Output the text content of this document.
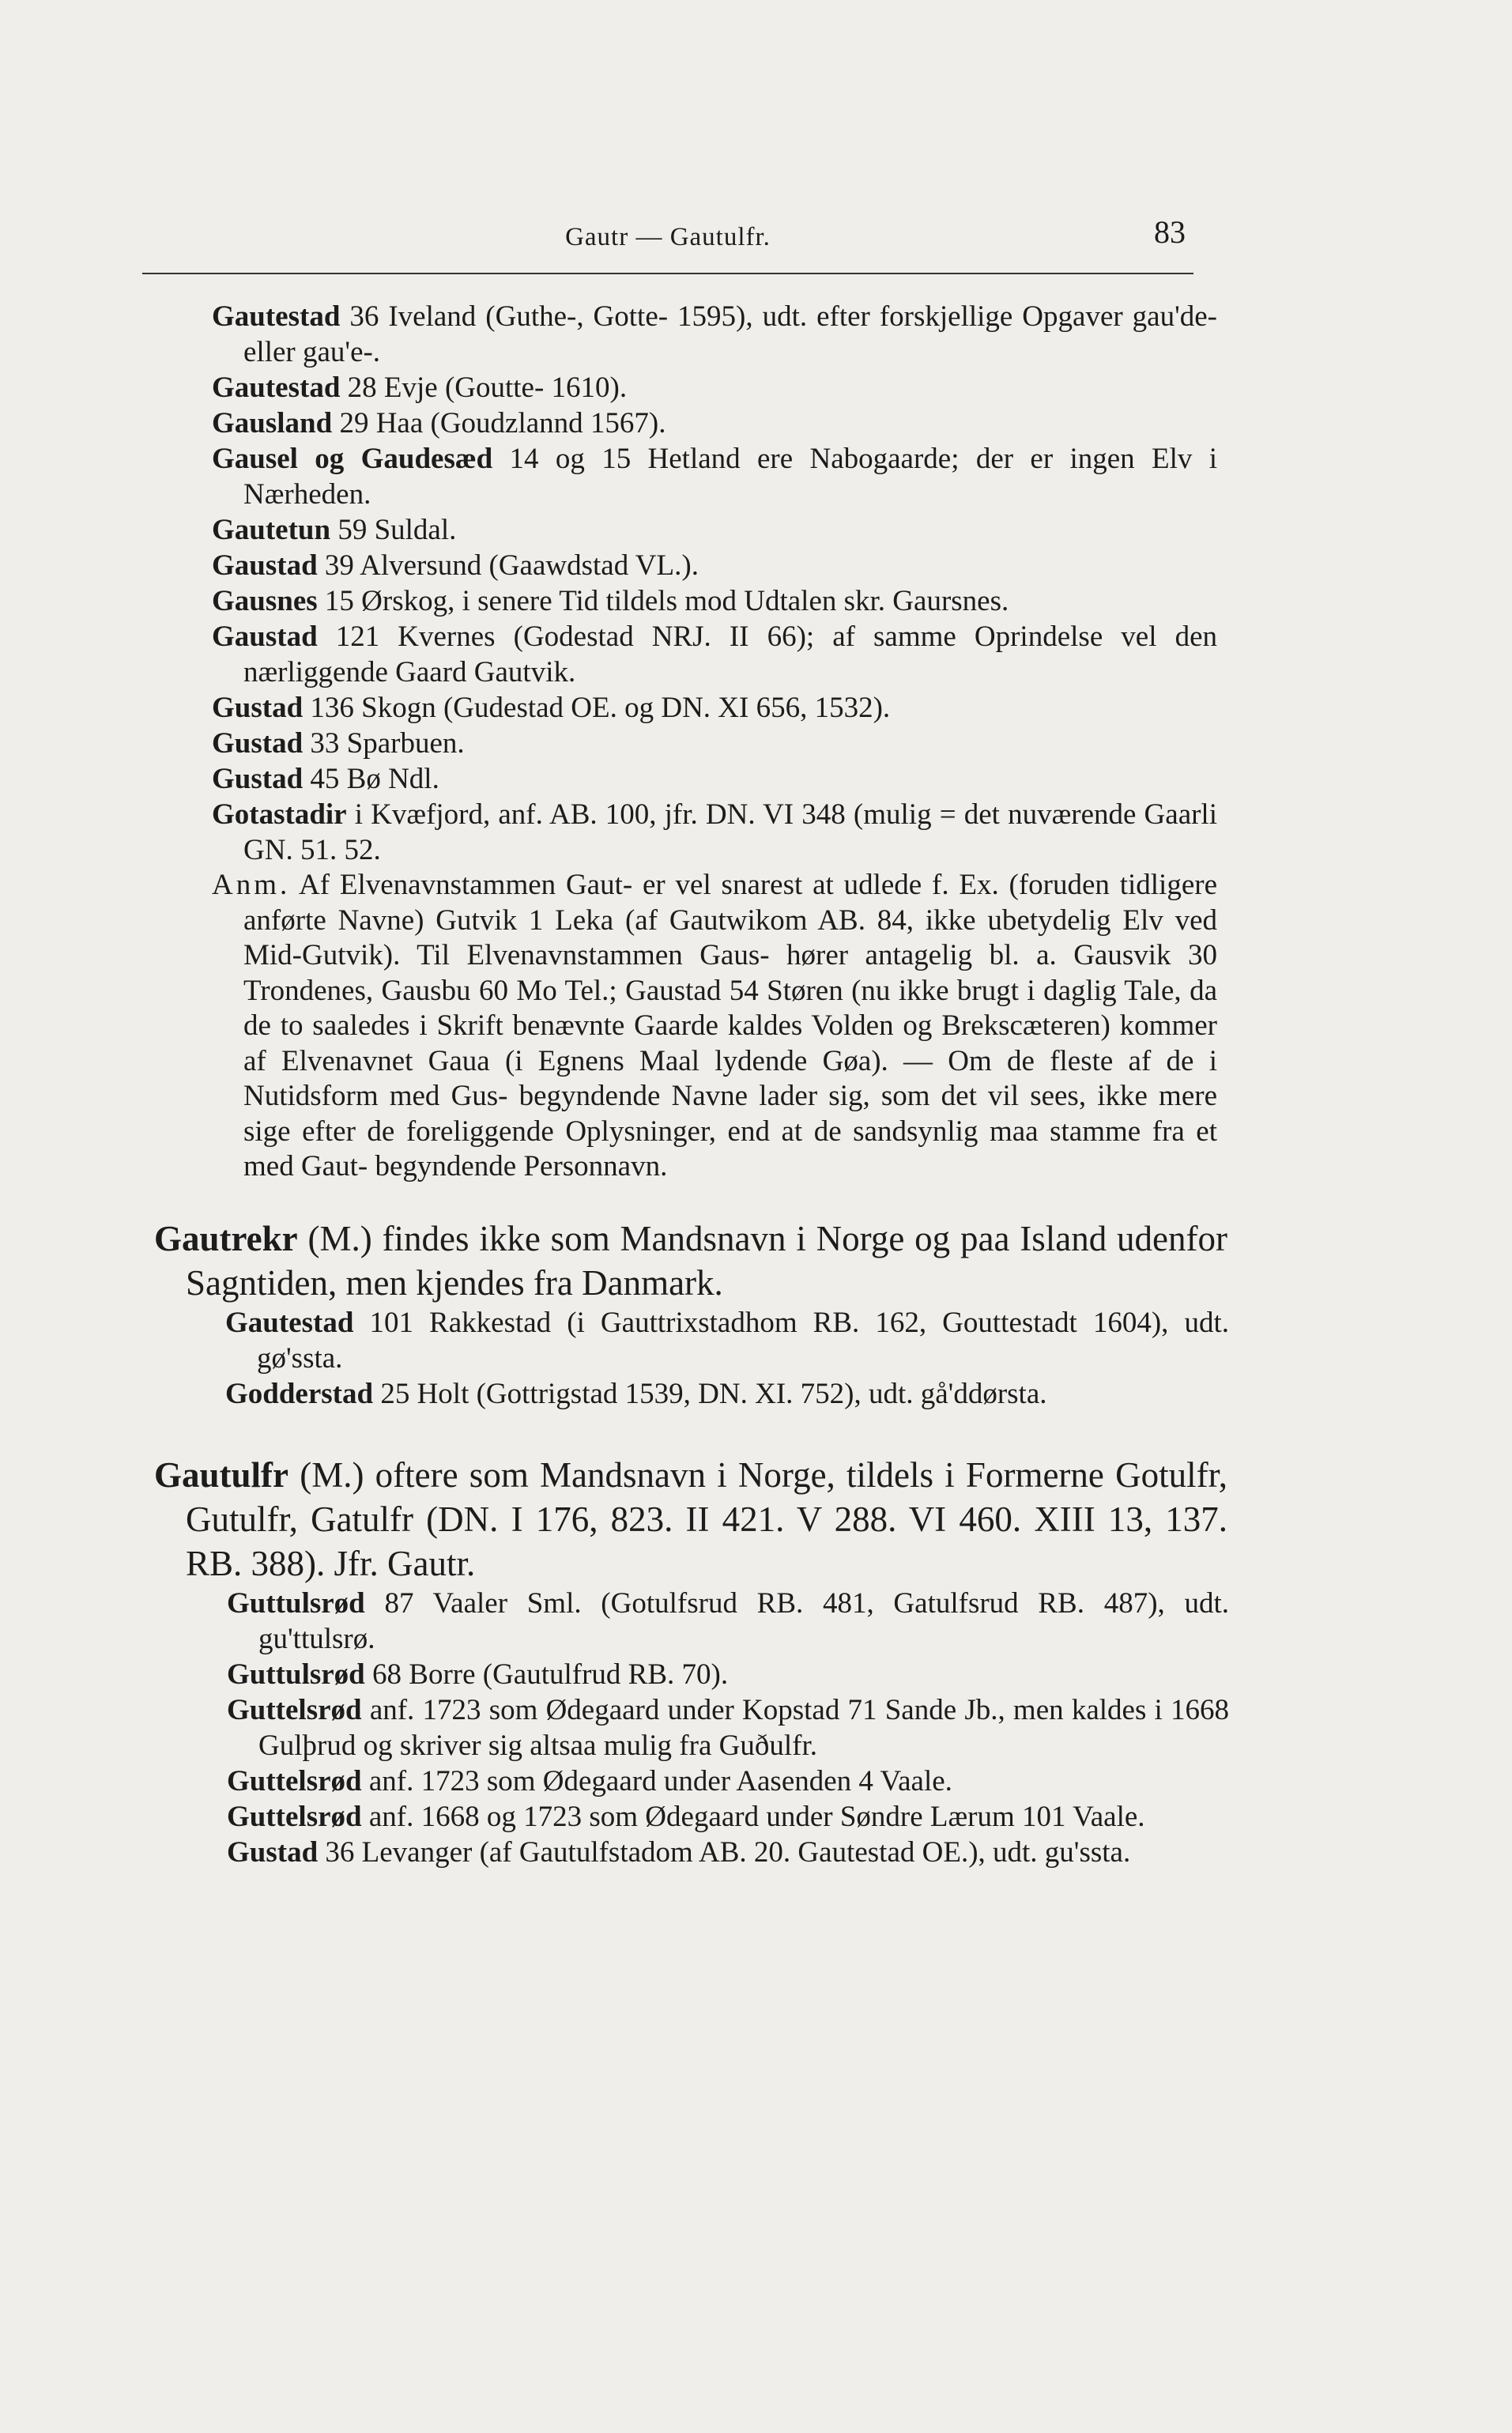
Gautr — Gautulfr.	83
Gautestad 36 Iveland (Guthe-, Gotte- 1595), udt. efter forskjellige Opgaver gau'de- eller gau'e-.
Gautestad 28 Evje (Goutte- 1610).
Gausland 29 Haa (Goudzlannd 1567).
Gausel og Gaudesæd 14 og 15 Hetland ere Nabogaarde; der er ingen Elv i Nærheden.
Gautetun 59 Suldal.
Gaustad 39 Alversund (Gaawdstad VL.).
Gausnes 15 Ørskog, i senere Tid tildels mod Udtalen skr. Gaursnes.
Gaustad 121 Kvernes (Godestad NRJ. II 66); af samme Oprindelse vel den nærliggende Gaard Gautvik.
Gustad 136 Skogn (Gudestad OE. og DN. XI 656, 1532).
Gustad 33 Sparbuen.
Gustad 45 Bø Ndl.
Gotastadir i Kvæfjord, anf. AB. 100, jfr. DN. VI 348 (mulig = det nuværende Gaarli GN. 51. 52.
Anm. Af Elvenavnstammen Gaut- er vel snarest at udlede f. Ex. (foruden tidligere anførte Navne) Gutvik 1 Leka (af Gautwikom AB. 84, ikke ubetydelig Elv ved Mid-Gutvik). Til Elvenavnstammen Gaus- hører antagelig bl. a. Gausvik 30 Trondenes, Gausbu 60 Mo Tel.; Gaustad 54 Støren (nu ikke brugt i daglig Tale, da de to saaledes i Skrift benævnte Gaarde kaldes Volden og Brekscæteren) kommer af Elvenavnet Gaua (i Egnens Maal lydende Gøa). — Om de fleste af de i Nutidsform med Gus- begyndende Navne lader sig, som det vil sees, ikke mere sige efter de foreliggende Oplysninger, end at de sandsynlig maa stamme fra et med Gaut- begyndende Personnavn.
Gautrekr (M.) findes ikke som Mandsnavn i Norge og paa Island udenfor Sagntiden, men kjendes fra Danmark.
Gautestad 101 Rakkestad (i Gauttrixstadhom RB. 162, Gouttestadt 1604), udt. gø'ssta.
Godderstad 25 Holt (Gottrigstad 1539, DN. XI. 752), udt. gå'ddørsta.
Gautulfr (M.) oftere som Mandsnavn i Norge, tildels i Formerne Gotulfr, Gutulfr, Gatulfr (DN. I 176, 823. II 421. V 288. VI 460. XIII 13, 137. RB. 388). Jfr. Gautr.
Guttulsrød 87 Vaaler Sml. (Gotulfsrud RB. 481, Gatulfsrud RB. 487), udt. gu'ttulsrø.
Guttulsrød 68 Borre (Gautulfrud RB. 70).
Guttelsrød anf. 1723 som Ødegaard under Kopstad 71 Sande Jb., men kaldes i 1668 Gulþrud og skriver sig altsaa mulig fra Guðulfr.
Guttelsrød anf. 1723 som Ødegaard under Aasenden 4 Vaale.
Guttelsrød anf. 1668 og 1723 som Ødegaard under Søndre Lærum 101 Vaale.
Gustad 36 Levanger (af Gautulfstadom AB. 20. Gautestad OE.), udt. gu'ssta.
